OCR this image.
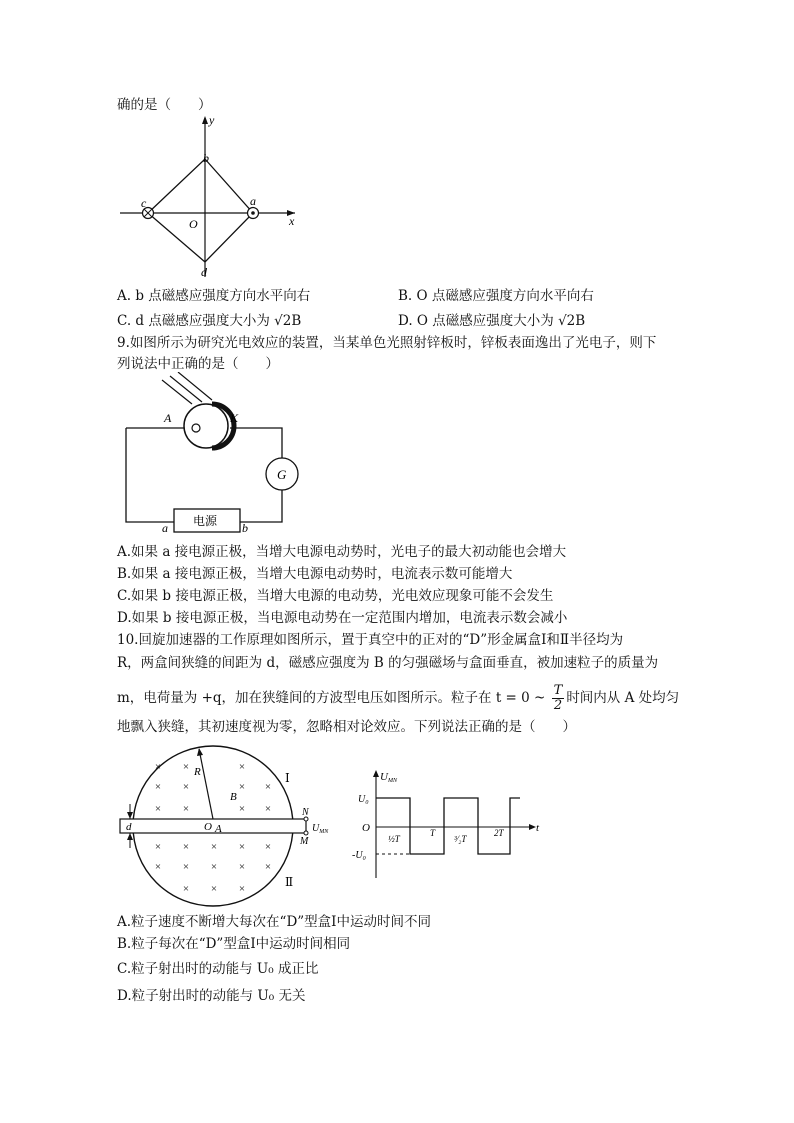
确的是（　　）
y
x
b
c	a
O
d
A. b 点磁感应强度方向水平向右	B. O 点磁感应强度方向水平向右
C. d 点磁感应强度大小为 √2B	D. O 点磁感应强度大小为 √2B
9.如图所示为研究光电效应的装置，当某单色光照射锌板时，锌板表面逸出了光电子，则下
列说法中正确的是（　　）
G
电源
A	K
a	b
A.如果 a 接电源正极，当增大电源电动势时，光电子的最大初动能也会增大
B.如果 a 接电源正极，当增大电源电动势时，电流表示数可能增大
C.如果 b 接电源正极，当增大电源的电动势，光电效应现象可能不会发生
D.如果 b 接电源正极，当电源电动势在一定范围内增加，电流表示数会减小
10.回旋加速器的工作原理如图所示，置于真空中的正对的“D”形金属盒Ⅰ和Ⅱ半径均为
R，两盒间狭缝的间距为 d，磁感应强度为 B 的匀强磁场与盒面垂直，被加速粒子的质量为
m，电荷量为 +q，加在狭缝间的方波型电压如图所示。粒子在 t = 0 ~ $\frac{T}{2}$ 时间内从 A 处均匀
地飘入狭缝，其初速度视为零，忽略相对论效应。下列说法正确的是（　　）
× ×	×
× ×	× ×
× ×	× ×
× × × × ×
× × × × ×
× × ×
R
B
O A
N
M
$U_{MN}$
d
Ⅰ
Ⅱ
UMN
U₀
-U₀
O	t
½T
T
³⁄₂T
2T
A.粒子速度不断增大每次在“D”型盒Ⅰ中运动时间不同
B.粒子每次在“D”型盒Ⅰ中运动时间相同
C.粒子射出时的动能与 U₀ 成正比
D.粒子射出时的动能与 U₀ 无关
